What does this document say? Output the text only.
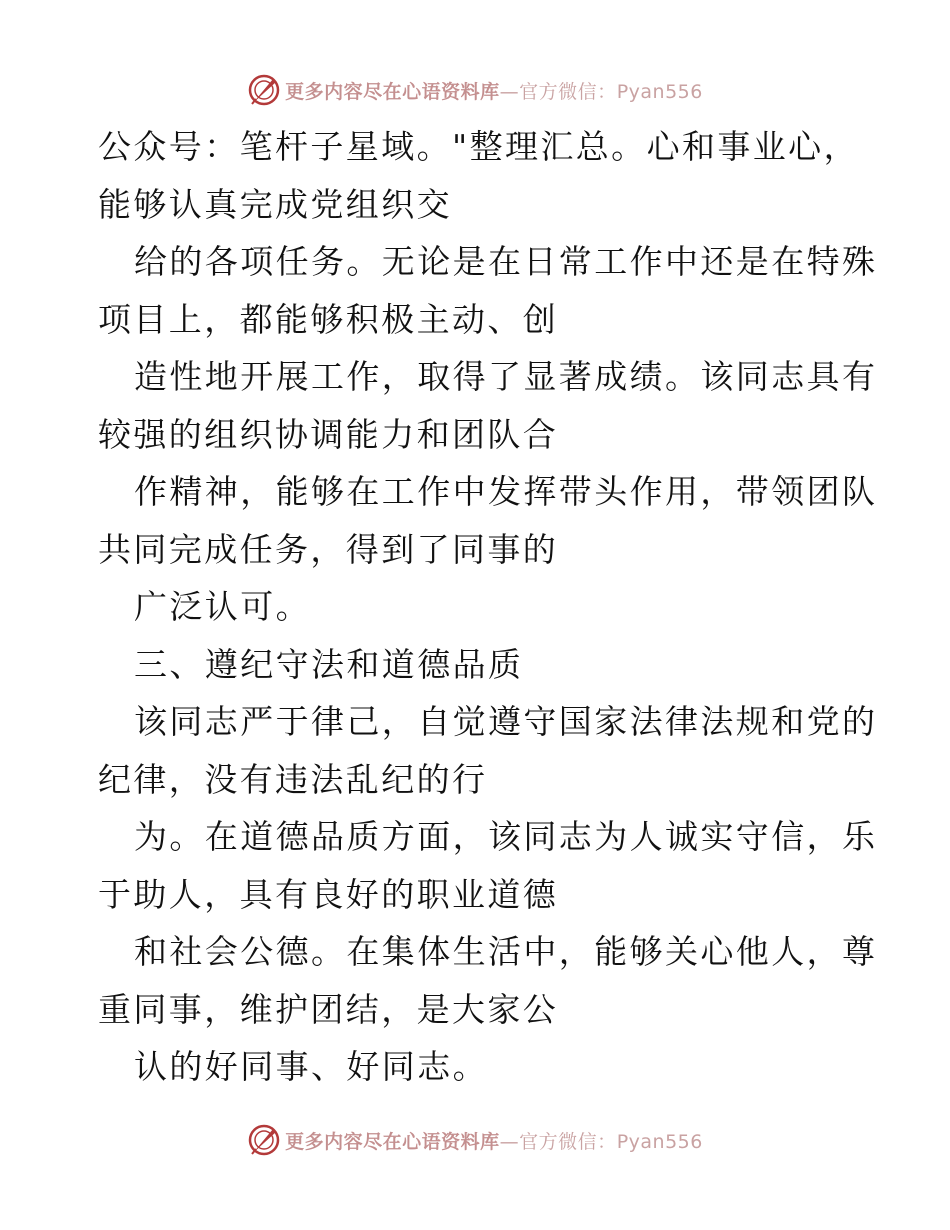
更多内容尽在心语资料库—官方微信：Pyan556

公众号：笔杆子星域。"整理汇总。心和事业心，
能够认真完成党组织交

给的各项任务。无论是在日常工作中还是在特殊
项目上，都能够积极主动、创

造性地开展工作，取得了显著成绩。该同志具有
较强的组织协调能力和团队合

作精神，能够在工作中发挥带头作用，带领团队
共同完成任务，得到了同事的

广泛认可。

三、遵纪守法和道德品质

该同志严于律己，自觉遵守国家法律法规和党的
纪律，没有违法乱纪的行

为。在道德品质方面，该同志为人诚实守信，乐
于助人，具有良好的职业道德

和社会公德。在集体生活中，能够关心他人，尊
重同事，维护团结，是大家公

认的好同事、好同志。

更多内容尽在心语资料库—官方微信：Pyan556
